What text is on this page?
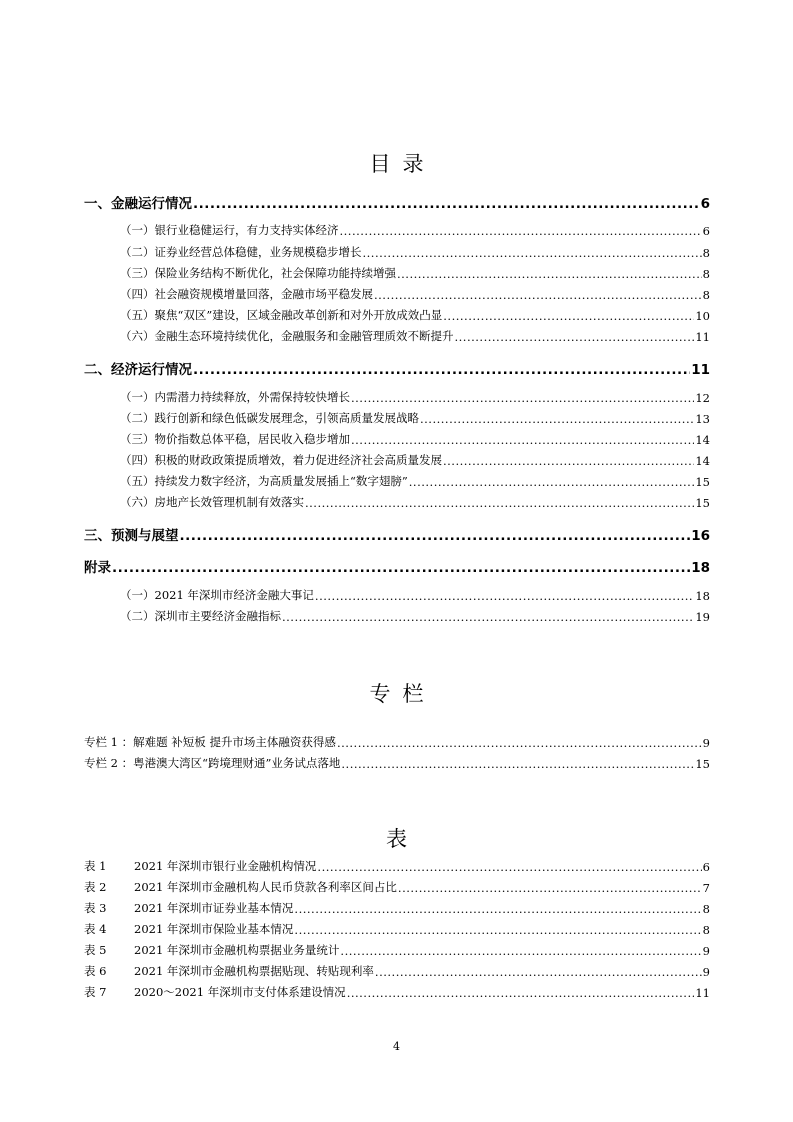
目录
一、金融运行情况 .....	6
（一）银行业稳健运行，有力支持实体经济 .....	6
（二）证券业经营总体稳健，业务规模稳步增长 .....	8
（三）保险业务结构不断优化，社会保障功能持续增强 .....	8
（四）社会融资规模增量回落，金融市场平稳发展 .....	8
（五）聚焦“双区”建设，区域金融改革创新和对外开放成效凸显 .....	10
（六）金融生态环境持续优化，金融服务和金融管理质效不断提升 .....	11
二、经济运行情况 .....	11
（一）内需潜力持续释放，外需保持较快增长 .....	12
（二）践行创新和绿色低碳发展理念，引领高质量发展战略 .....	13
（三）物价指数总体平稳，居民收入稳步增加 .....	14
（四）积极的财政政策提质增效，着力促进经济社会高质量发展 .....	14
（五）持续发力数字经济，为高质量发展插上“数字翅膀” .....	15
（六）房地产长效管理机制有效落实 .....	15
三、预测与展望 .....	16
附录 .....	18
（一）2021 年深圳市经济金融大事记 .....	18
（二）深圳市主要经济金融指标 .....	19
专栏
专栏 1 ：解难题 补短板 提升市场主体融资获得感 .....	9
专栏 2 ：粤港澳大湾区“跨境理财通”业务试点落地 .....	15
表
表 1	2021 年深圳市银行业金融机构情况 .....	6
表 2	2021 年深圳市金融机构人民币贷款各利率区间占比 .....	7
表 3	2021 年深圳市证券业基本情况 .....	8
表 4	2021 年深圳市保险业基本情况 .....	8
表 5	2021 年深圳市金融机构票据业务量统计 .....	9
表 6	2021 年深圳市金融机构票据贴现、转贴现利率 .....	9
表 7	2020～2021 年深圳市支付体系建设情况 .....	11
4
